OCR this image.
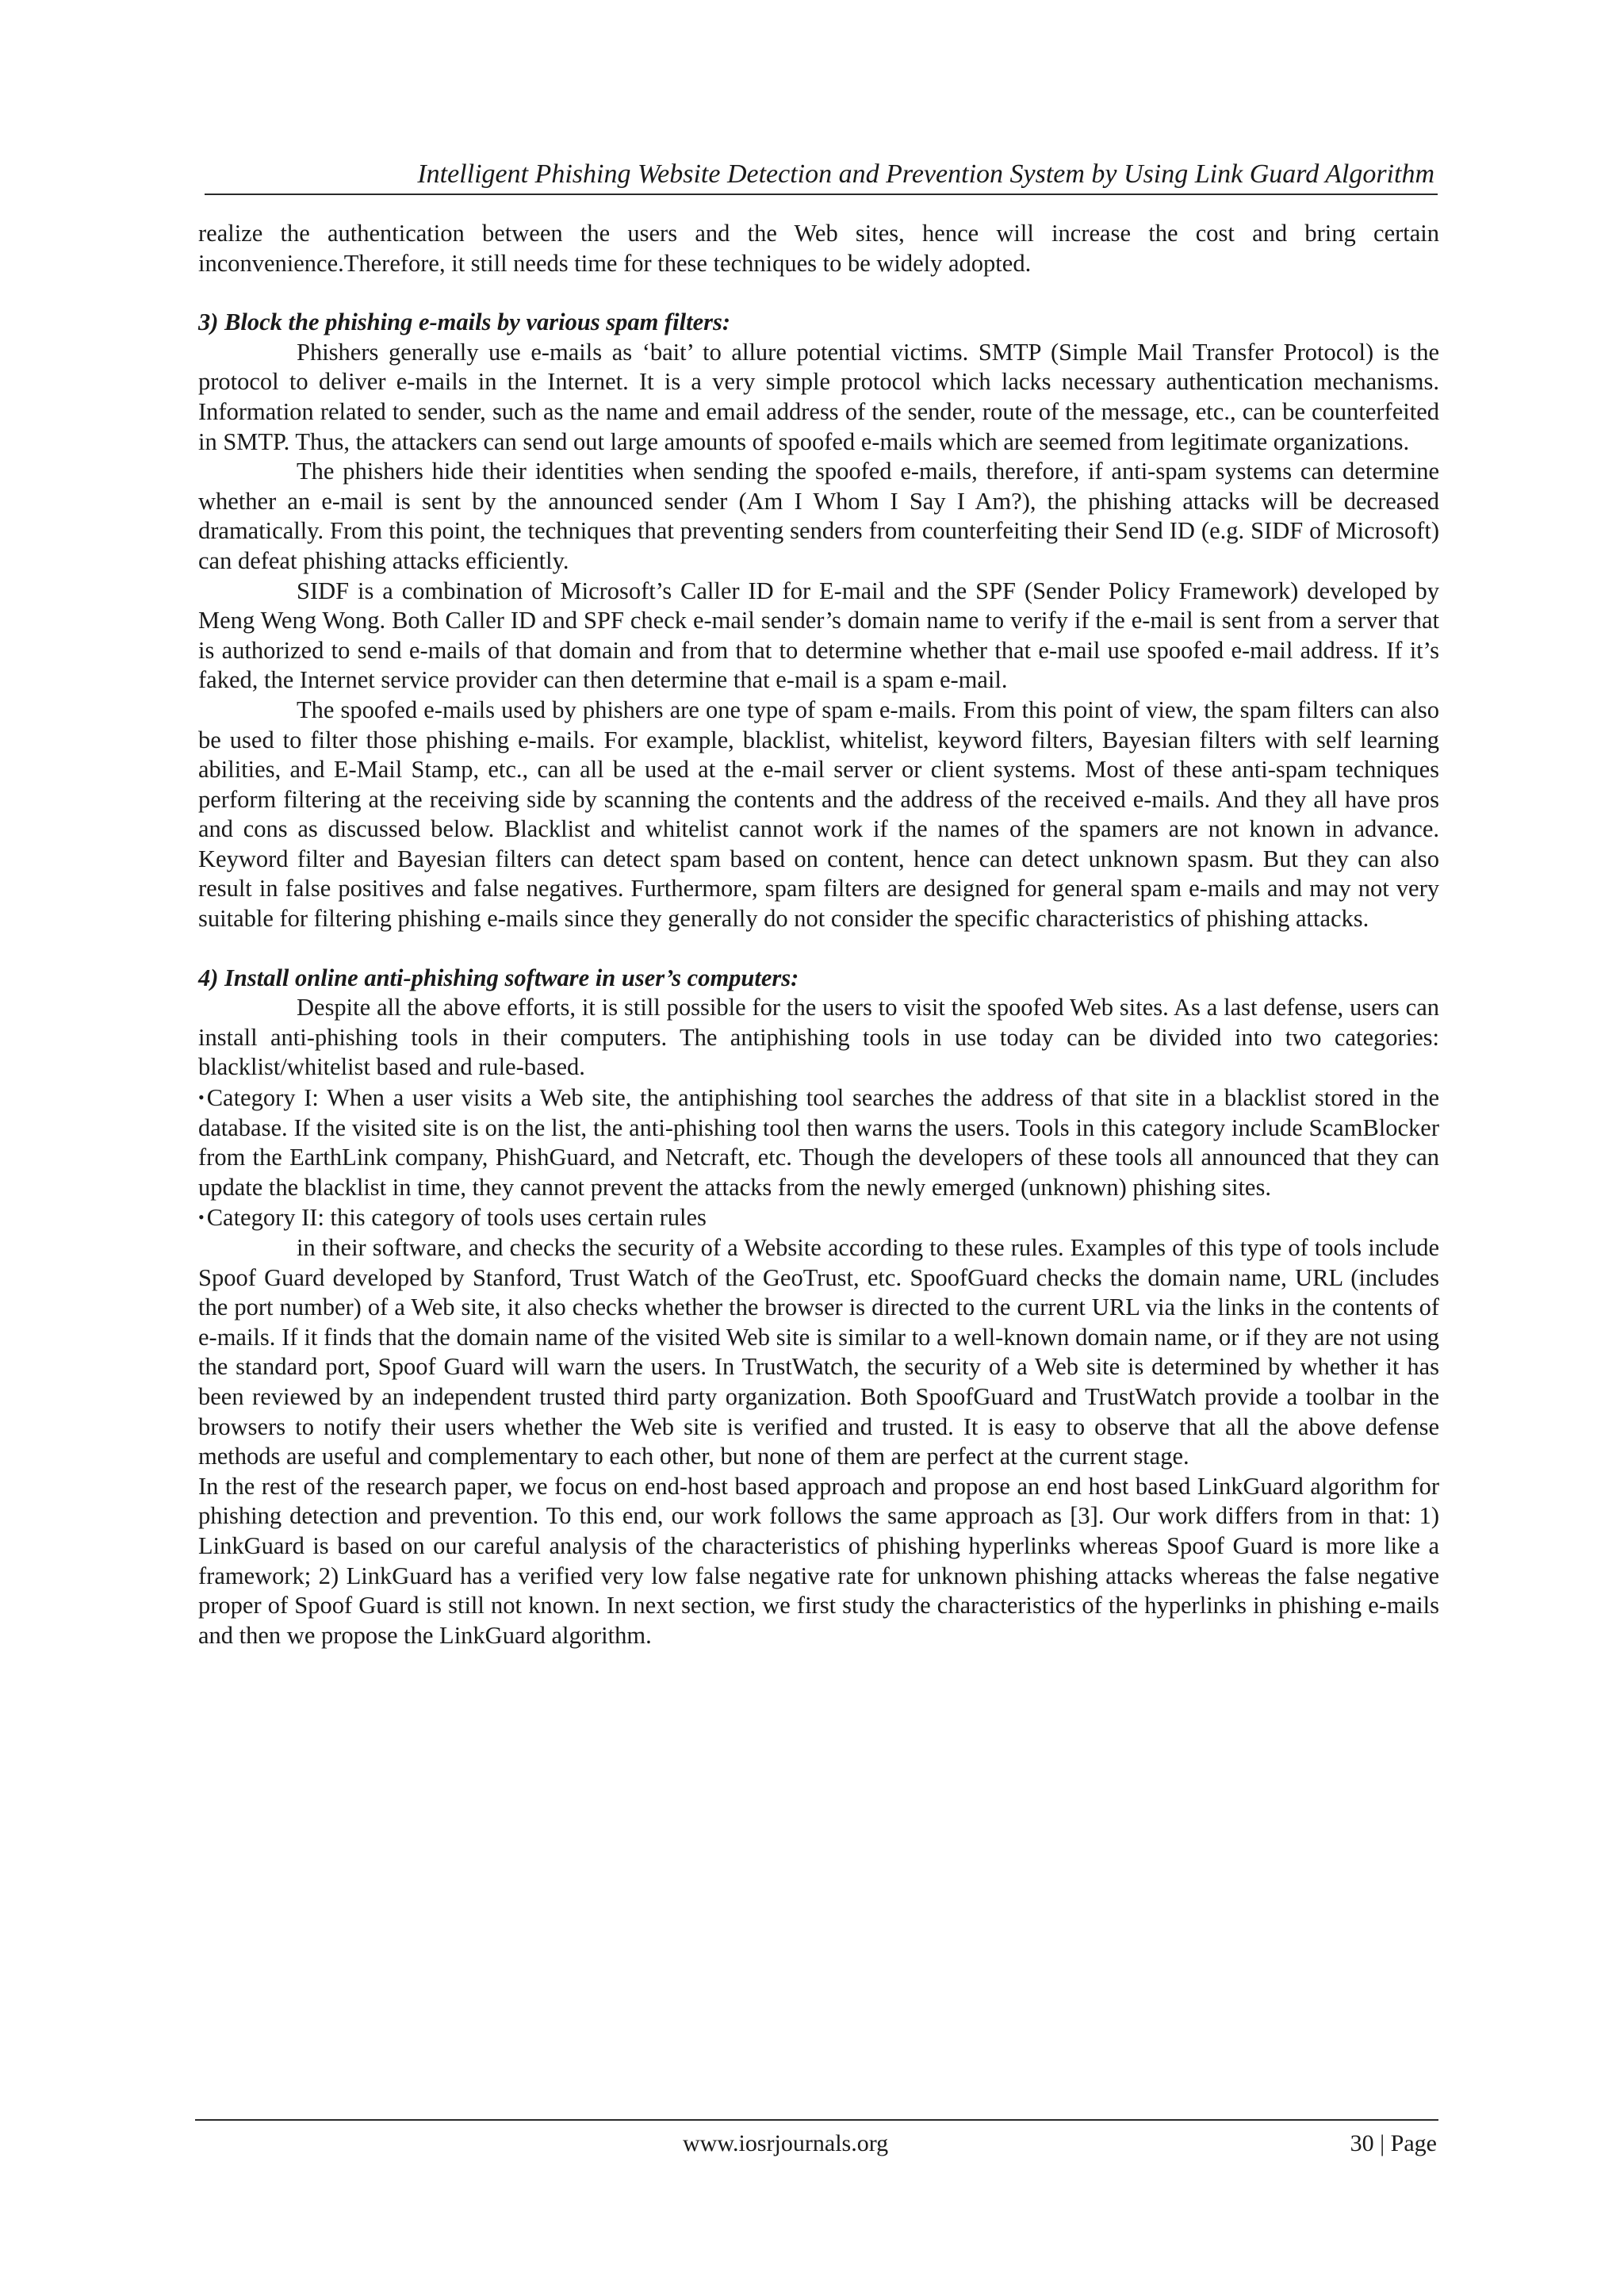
Intelligent Phishing Website Detection and Prevention System by Using Link Guard Algorithm

realize the authentication between the users and the Web sites, hence will increase the cost and bring certain inconvenience.Therefore, it still needs time for these techniques to be widely adopted.

3) Block the phishing e-mails by various spam filters:

Phishers generally use e-mails as ‘bait’ to allure potential victims. SMTP (Simple Mail Transfer Protocol) is the protocol to deliver e-mails in the Internet. It is a very simple protocol which lacks necessary authentication mechanisms. Information related to sender, such as the name and email address of the sender, route of the message, etc., can be counterfeited in SMTP. Thus, the attackers can send out large amounts of spoofed e-mails which are seemed from legitimate organizations.

The phishers hide their identities when sending the spoofed e-mails, therefore, if anti-spam systems can determine whether an e-mail is sent by the announced sender (Am I Whom I Say I Am?), the phishing attacks will be decreased dramatically. From this point, the techniques that preventing senders from counterfeiting their Send ID (e.g. SIDF of Microsoft) can defeat phishing attacks efficiently.

SIDF is a combination of Microsoft’s Caller ID for E-mail and the SPF (Sender Policy Framework) developed by Meng Weng Wong. Both Caller ID and SPF check e-mail sender’s domain name to verify if the e-mail is sent from a server that is authorized to send e-mails of that domain and from that to determine whether that e-mail use spoofed e-mail address. If it’s faked, the Internet service provider can then determine that e-mail is a spam e-mail.

The spoofed e-mails used by phishers are one type of spam e-mails. From this point of view, the spam filters can also be used to filter those phishing e-mails. For example, blacklist, whitelist, keyword filters, Bayesian filters with self learning abilities, and E-Mail Stamp, etc., can all be used at the e-mail server or client systems. Most of these anti-spam techniques perform filtering at the receiving side by scanning the contents and the address of the received e-mails. And they all have pros and cons as discussed below. Blacklist and whitelist cannot work if the names of the spamers are not known in advance. Keyword filter and Bayesian filters can detect spam based on content, hence can detect unknown spasm. But they can also result in false positives and false negatives. Furthermore, spam filters are designed for general spam e-mails and may not very suitable for filtering phishing e-mails since they generally do not consider the specific characteristics of phishing attacks.

4) Install online anti-phishing software in user’s computers:

Despite all the above efforts, it is still possible for the users to visit the spoofed Web sites. As a last defense, users can install anti-phishing tools in their computers. The antiphishing tools in use today can be divided into two categories: blacklist/whitelist based and rule-based.

•Category I: When a user visits a Web site, the antiphishing tool searches the address of that site in a blacklist stored in the database. If the visited site is on the list, the anti-phishing tool then warns the users. Tools in this category include ScamBlocker from the EarthLink company, PhishGuard, and Netcraft, etc. Though the developers of these tools all announced that they can update the blacklist in time, they cannot prevent the attacks from the newly emerged (unknown) phishing sites.

•Category II: this category of tools uses certain rules

in their software, and checks the security of a Website according to these rules. Examples of this type of tools include Spoof Guard developed by Stanford, Trust Watch of the GeoTrust, etc. SpoofGuard checks the domain name, URL (includes the port number) of a Web site, it also checks whether the browser is directed to the current URL via the links in the contents of e-mails. If it finds that the domain name of the visited Web site is similar to a well-known domain name, or if they are not using the standard port, Spoof Guard will warn the users. In TrustWatch, the security of a Web site is determined by whether it has been reviewed by an independent trusted third party organization. Both SpoofGuard and TrustWatch provide a toolbar in the browsers to notify their users whether the Web site is verified and trusted. It is easy to observe that all the above defense methods are useful and complementary to each other, but none of them are perfect at the current stage.

In the rest of the research paper, we focus on end-host based approach and propose an end host based LinkGuard algorithm for phishing detection and prevention. To this end, our work follows the same approach as [3]. Our work differs from in that: 1) LinkGuard is based on our careful analysis of the characteristics of phishing hyperlinks whereas Spoof Guard is more like a framework; 2) LinkGuard has a verified very low false negative rate for unknown phishing attacks whereas the false negative proper of Spoof Guard is still not known. In next section, we first study the characteristics of the hyperlinks in phishing e-mails and then we propose the LinkGuard algorithm.

www.iosrjournals.org	30 | Page
